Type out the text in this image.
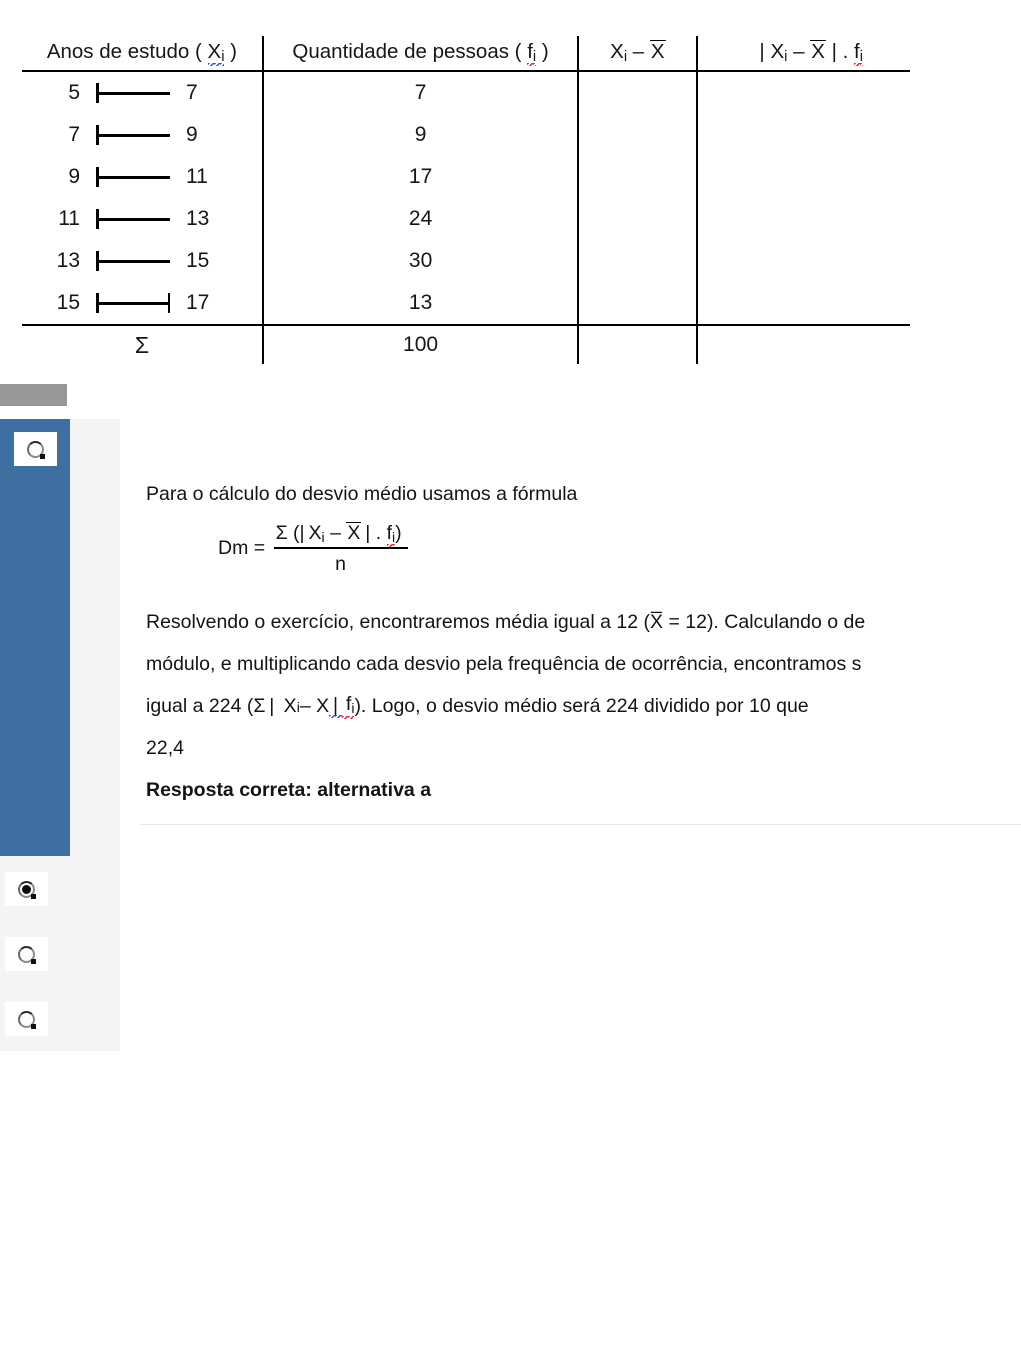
Anos de estudo ( $X_i$ )	Quantidade de pessoas ( $f_i$ )	$X_i$ – X	| $X_i$ – X | . $f_i$

5 7	7		

7 9	9		

9 11	17		

11 13	24		

13 15	30		

15 17	13		
Σ	100		

Para o cálculo do desvio médio usamos a fórmula

Resolvendo o exercício, encontraremos média igual a 12 (X̅ = 12). Calculando o de

módulo, e multiplicando cada desvio pela frequência de ocorrência, encontramos s

igual a 224 (Σ  |  X i – X  |   $f_i$ ). Logo, o desvio médio será 224 dividido por 10 que

22,4

Resposta correta: alternativa a

$Dm = \frac{\Sigma (| X_i - X | . f_i)}{n}$
